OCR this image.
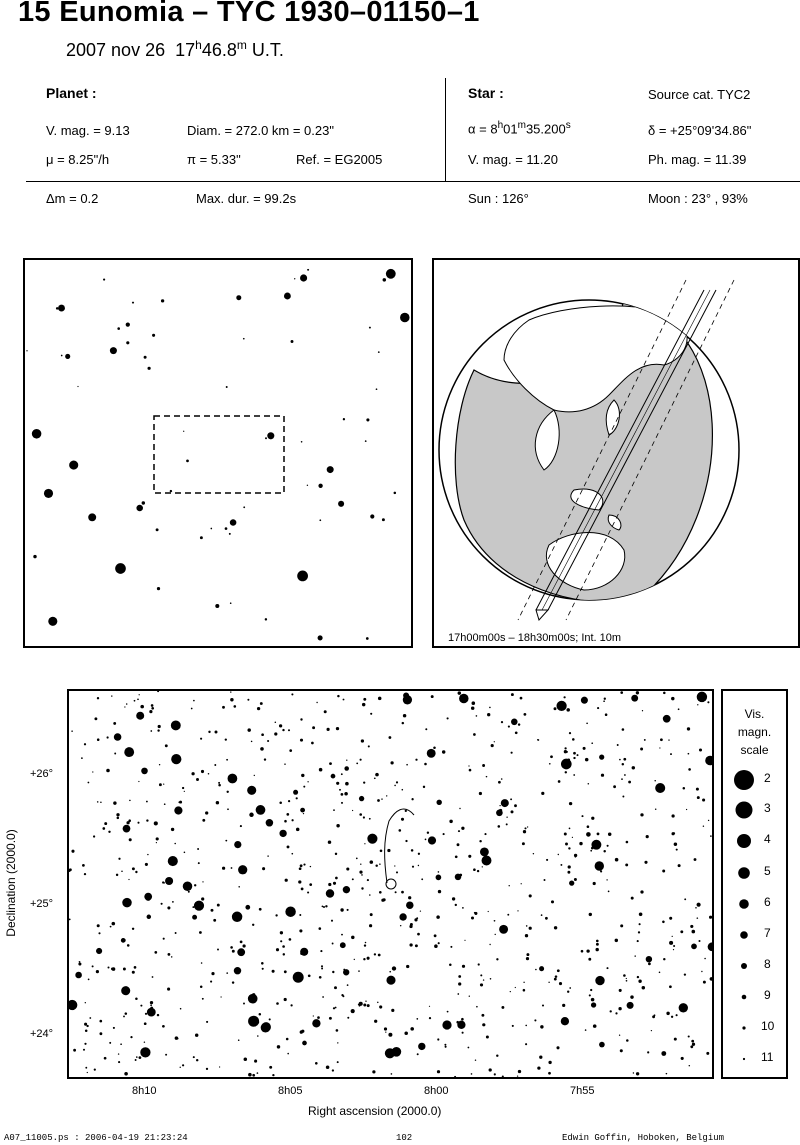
15 Eunomia – TYC 1930–01150–1
2007 nov 26 17$^h$46.8$^m$ U.T.
Planet :
V. mag. = 9.13	Diam. = 272.0 km = 0.23"
μ = 8.25"/h	π = 5.33"	Ref. = EG2005
Star :	Source cat. TYC2
$\alpha = 8^h01^m35.200^s$	δ = +25°09'34.86"
V. mag. = 11.20	Ph. mag. = 11.39
Δm = 0.2	Max. dur. = 99.2s	Sun : 126°	Moon : 23° , 93%
17h00m00s – 18h30m00s; Int. 10m
Declination (2000.0)
+26°
+25°
+24°
8h10	8h05	8h00	7h55
Right ascension (2000.0)
Vis.
magn.
scale
2
3
4
5
6
7
8
9
10
11
A07_11005.ps : 2006-04-19 21:23:24	102	Edwin Goffin, Hoboken, Belgium
